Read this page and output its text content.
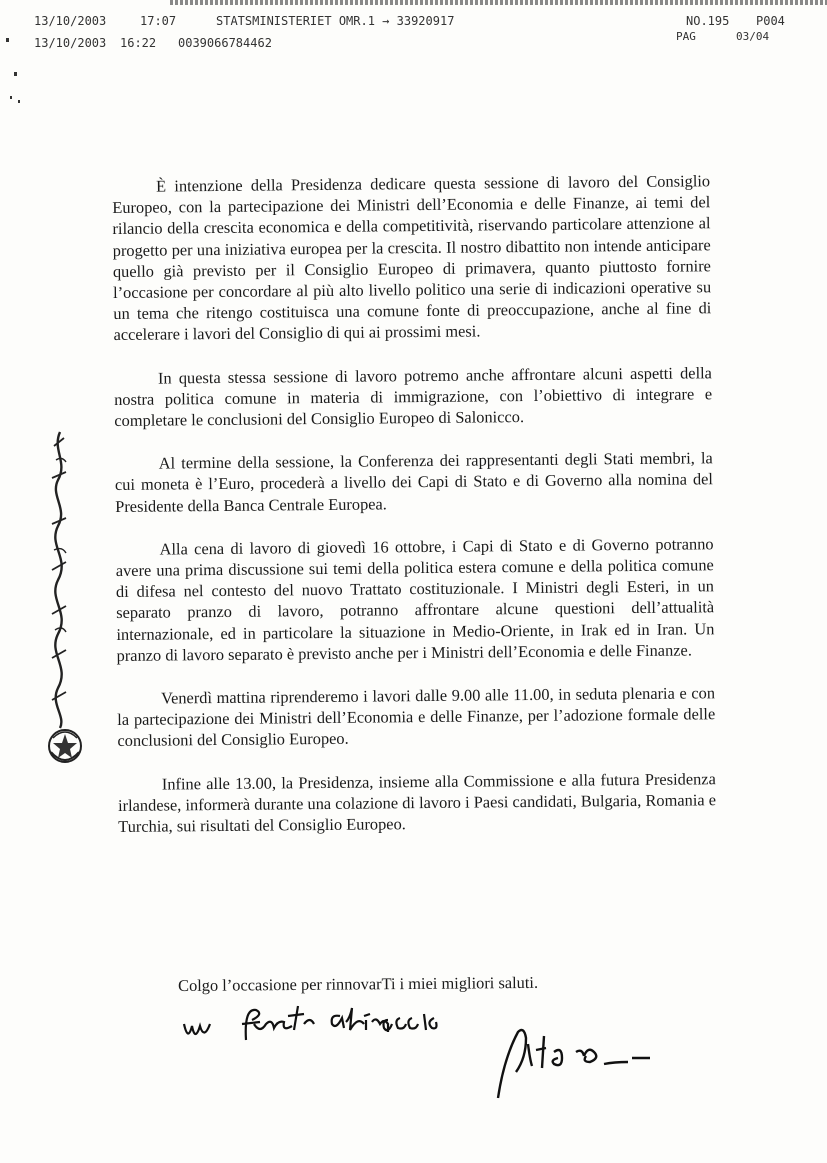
13/10/2003	17:07	STATSMINISTERIET OMR.1 → 33920917	NO.195 P004
13/10/2003 16:22 0039066784462	PAG	03/04

È intenzione della Presidenza dedicare questa sessione di lavoro del Consiglio Europeo, con la partecipazione dei Ministri dell’Economia e delle Finanze, ai temi del rilancio della crescita economica e della competitività, riservando particolare attenzione al progetto per una iniziativa europea per la crescita. Il nostro dibattito non intende anticipare quello già previsto per il Consiglio Europeo di primavera, quanto piuttosto fornire l’occasione per concordare al più alto livello politico una serie di indicazioni operative su un tema che ritengo costituisca una comune fonte di preoccupazione, anche al fine di accelerare i lavori del Consiglio di qui ai prossimi mesi.

In questa stessa sessione di lavoro potremo anche affrontare alcuni aspetti della nostra politica comune in materia di immigrazione, con l’obiettivo di integrare e completare le conclusioni del Consiglio Europeo di Salonicco.

Al termine della sessione, la Conferenza dei rappresentanti degli Stati membri, la cui moneta è l’Euro, procederà a livello dei Capi di Stato e di Governo alla nomina del Presidente della Banca Centrale Europea.

Alla cena di lavoro di giovedì 16 ottobre, i Capi di Stato e di Governo potranno avere una prima discussione sui temi della politica estera comune e della politica comune di difesa nel contesto del nuovo Trattato costituzionale. I Ministri degli Esteri, in un separato pranzo di lavoro, potranno affrontare alcune questioni dell’attualità internazionale, ed in particolare la situazione in Medio-Oriente, in Irak ed in Iran. Un pranzo di lavoro separato è previsto anche per i Ministri dell’Economia e delle Finanze.

Venerdì mattina riprenderemo i lavori dalle 9.00 alle 11.00, in seduta plenaria e con la partecipazione dei Ministri dell’Economia e delle Finanze, per l’adozione formale delle conclusioni del Consiglio Europeo.

Infine alle 13.00, la Presidenza, insieme alla Commissione e alla futura Presidenza irlandese, informerà durante una colazione di lavoro i Paesi candidati, Bulgaria, Romania e Turchia, sui risultati del Consiglio Europeo.

Colgo l’occasione per rinnovarTi i miei migliori saluti.
